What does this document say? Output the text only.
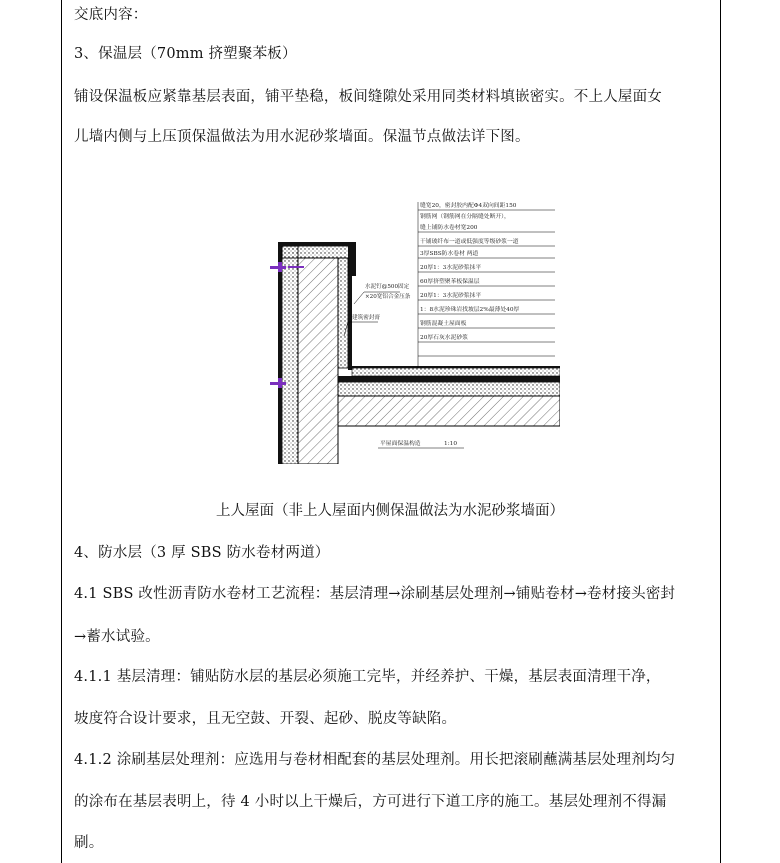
交底内容：
3、保温层（70mm 挤塑聚苯板）
铺设保温板应紧靠基层表面，铺平垫稳，板间缝隙处采用同类材料填嵌密实。不上人屋面女
儿墙内侧与上压顶保温做法为用水泥砂浆墙面。保温节点做法详下图。
缝宽20，密封胶内配Φ4双向间距150
钢筋网（钢筋网在分隔缝处断开），
缝上铺防水卷材宽200
干铺玻纤布一道或低强度等级砂浆一道
3厚SBS防水卷材 两道
20厚1：3水泥砂浆抹平
60厚挤塑聚苯板保温层
20厚1：3水泥砂浆抹平
1：8水泥珍珠岩找坡层2%最薄处40厚
钢筋混凝土屋面板
20厚石灰水泥砂浆
水泥钉@500固定
×20宽铝合金压条
建筑密封膏
平屋面保温构造	1:10
上人屋面（非上人屋面内侧保温做法为水泥砂浆墙面）
4、防水层（3 厚 SBS 防水卷材两道）
4.1 SBS 改性沥青防水卷材工艺流程：基层清理→涂刷基层处理剂→铺贴卷材→卷材接头密封
→蓄水试验。
4.1.1 基层清理：铺贴防水层的基层必须施工完毕，并经养护、干燥，基层表面清理干净，
坡度符合设计要求，且无空鼓、开裂、起砂、脱皮等缺陷。
4.1.2 涂刷基层处理剂：应选用与卷材相配套的基层处理剂。用长把滚刷蘸满基层处理剂均匀
的涂布在基层表明上，待 4 小时以上干燥后，方可进行下道工序的施工。基层处理剂不得漏
刷。
